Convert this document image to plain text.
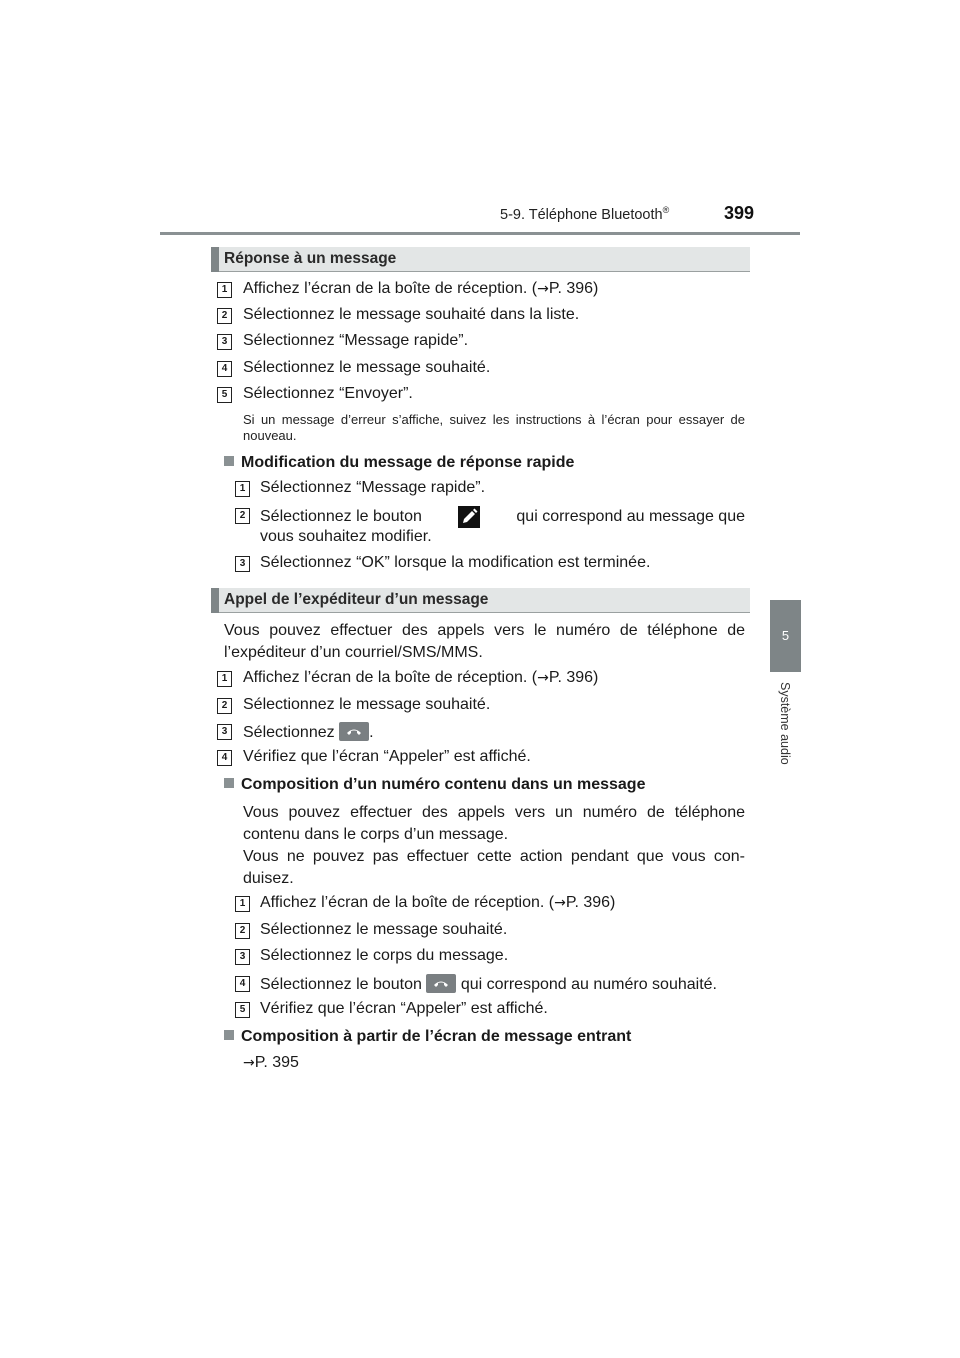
5-9. Téléphone Bluetooth®	399
5
Système audio
Réponse à un message
1 Affichez l’écran de la boîte de réception. (→P. 396)
2 Sélectionnez le message souhaité dans la liste.
3 Sélectionnez “Message rapide”.
4 Sélectionnez le message souhaité.
5 Sélectionnez “Envoyer”.
Si un message d’erreur s’affiche, suivez les instructions à l’écran pour essayer de nouveau.
Modification du message de réponse rapide
1 Sélectionnez “Message rapide”.
2 Sélectionnez le bouton	qui correspond au message que
vous souhaitez modifier.
3 Sélectionnez “OK” lorsque la modification est terminée.
Appel de l’expéditeur d’un message
Vous pouvez effectuer des appels vers le numéro de téléphone de l’expéditeur d’un courriel/SMS/MMS.
1 Affichez l’écran de la boîte de réception. (→P. 396)
2 Sélectionnez le message souhaité.
3 Sélectionnez .
4 Vérifiez que l’écran “Appeler” est affiché.
Composition d’un numéro contenu dans un message
Vous pouvez effectuer des appels vers un numéro de téléphone contenu dans le corps d’un message.
Vous ne pouvez pas effectuer cette action pendant que vous con-duisez.
1 Affichez l’écran de la boîte de réception. (→P. 396)
2 Sélectionnez le message souhaité.
3 Sélectionnez le corps du message.
4 Sélectionnez le bouton qui correspond au numéro souhaité.
5 Vérifiez que l’écran “Appeler” est affiché.
Composition à partir de l’écran de message entrant
→P. 395
